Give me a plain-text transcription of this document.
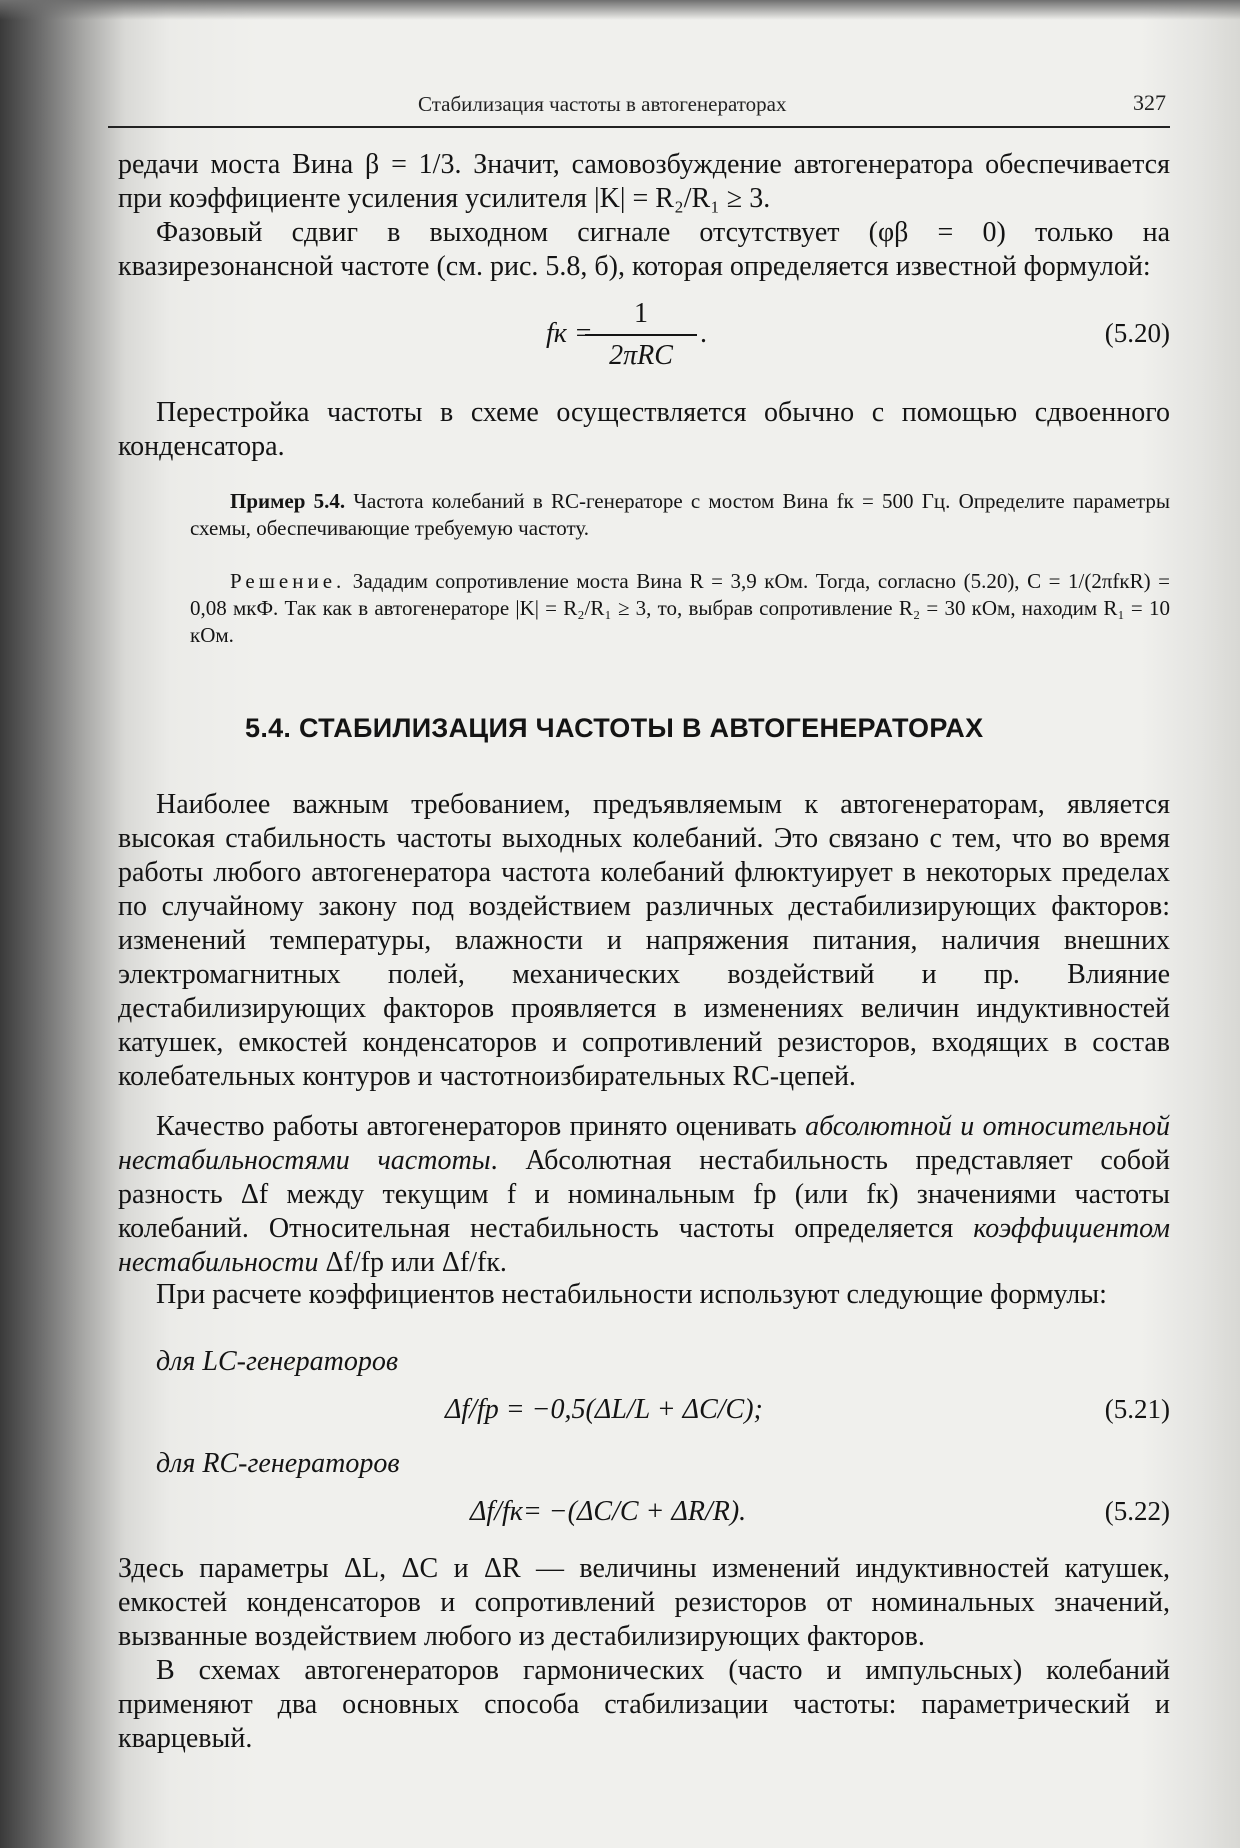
Стабилизация частоты в автогенераторах	327

редачи моста Вина β = 1/3. Значит, самовозбуждение автогенератора обеспечивается при коэффициенте усиления усилителя |K| = R₂/R₁ ≥ 3.

Фазовый сдвиг в выходном сигнале отсутствует (φβ = 0) только на квазирезонансной частоте (см. рис. 5.8, б), которая определяется известной формулой:

fк =
1
2πRC
.	(5.20)

Перестройка частоты в схеме осуществляется обычно с помощью сдвоенного конденсатора.

Пример 5.4. Частота колебаний в RC-генераторе с мостом Вина fк = 500 Гц. Определите параметры схемы, обеспечивающие требуемую частоту.

Решение. Зададим сопротивление моста Вина R = 3,9 кОм. Тогда, согласно (5.20), C = 1/(2πfкR) = 0,08 мкФ. Так как в автогенераторе |K| = R₂/R₁ ≥ 3, то, выбрав сопротивление R₂ = 30 кОм, находим R₁ = 10 кОм.

5.4. СТАБИЛИЗАЦИЯ ЧАСТОТЫ В АВТОГЕНЕРАТОРАХ

Наиболее важным требованием, предъявляемым к автогенераторам, является высокая стабильность частоты выходных колебаний. Это связано с тем, что во время работы любого автогенератора частота колебаний флюктуирует в некоторых пределах по случайному закону под воздействием различных дестабилизирующих факторов: изменений температуры, влажности и напряжения питания, наличия внешних электромагнитных полей, механических воздействий и пр. Влияние дестабилизирующих факторов проявляется в изменениях величин индуктивностей катушек, емкостей конденсаторов и сопротивлений резисторов, входящих в состав колебательных контуров и частотноизбирательных RC-цепей.

Качество работы автогенераторов принято оценивать абсолютной и относительной нестабильностями частоты. Абсолютная нестабильность представляет собой разность Δf между текущим f и номинальным fр (или fк) значениями частоты колебаний. Относительная нестабильность частоты определяется коэффициентом нестабильности Δf/fр или Δf/fк.

При расчете коэффициентов нестабильности используют следующие формулы:

для LC-генераторов
Δf/fр = −0,5(ΔL/L + ΔC/C);	(5.21)
для RC-генераторов
Δf/fк= −(ΔC/C + ΔR/R).	(5.22)

Здесь параметры ΔL, ΔC и ΔR — величины изменений индуктивностей катушек, емкостей конденсаторов и сопротивлений резисторов от номинальных значений, вызванные воздействием любого из дестабилизирующих факторов.

В схемах автогенераторов гармонических (часто и импульсных) колебаний применяют два основных способа стабилизации частоты: параметрический и кварцевый.
